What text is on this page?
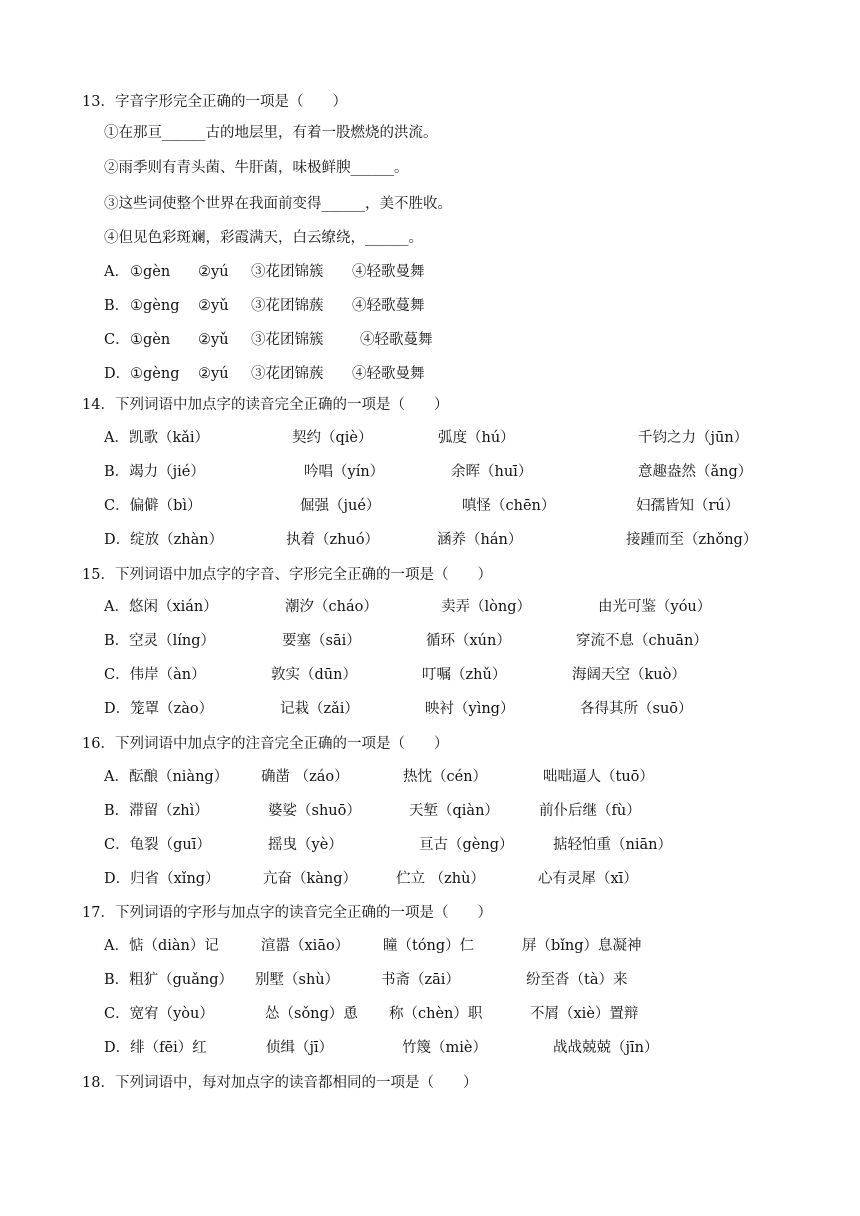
13．字音字形完全正确的一项是（　　）
①在那亘______古的地层里，有着一股燃烧的洪流。
②雨季则有青头菌、牛肝菌，味极鲜腴______。
③这些词使整个世界在我面前变得______，美不胜收。
④但见色彩斑斓，彩霞满天，白云缭绕，______。
A． ①gèn ②yú ③花团锦簇 ④轻歌曼舞
B． ①gèng ②yǔ ③花团锦蔟 ④轻歌蔓舞
C． ①gèn ②yǔ ③花团锦簇	④轻歌蔓舞
D． ①gèng ②yú ③花团锦蔟 ④轻歌曼舞
14．下列词语中加点字的读音完全正确的一项是（　　）
A．凯歌（kǎi）	契约（qiè）	弧度（hú）	千钧之力（jūn）
B．竭力（jié）	吟唱（yín）	余晖（huī）	意趣盎然（ǎng）
C．偏僻（bì）	倔强（jué）	嗔怪（chēn）	妇孺皆知（rú）
D．绽放（zhàn）	执着（zhuó）	涵养（hán）	接踵而至（zhǒng）
15．下列词语中加点字的字音、字形完全正确的一项是（　　）
A．悠闲（xián）	潮汐（cháo）	卖弄（lòng）	由光可鉴（yóu）
B．空灵（líng）	要塞（sāi）	循环（xún）	穿流不息（chuān）
C．伟岸（àn）	敦实（dūn）	叮嘱（zhǔ）	海阔天空（kuò）
D．笼罩（zào）	记栽（zǎi）	映衬（yìng）	各得其所（suō）
16．下列词语中加点字的注音完全正确的一项是（　　）
A．酝酿（niàng） 确凿 （záo）	热忱（cén）	咄咄逼人（tuō）
B．滞留（zhì）	婆娑（shuō）	天堑（qiàn）	前仆后继（fù）
C．龟裂（guī）	摇曳（yè）	亘古（gèng）	掂轻怕重（niān）
D．归省（xǐng）	亢奋（kàng）	伫立 （zhù）	心有灵犀（xī）
17．下列词语的字形与加点字的读音完全正确的一项是（　　）
A．惦（diàn）记	渲嚣（xiāo） 瞳（tóng）仁	屏（bǐng）息凝神
B．粗犷（guǎng） 别墅（shù）	书斋（zāi）	纷至沓（tà）来
C．宽宥（yòu）	怂（sǒng）恿 称（chèn）职	不屑（xiè）置辩
D．绯（fēi）红	侦缉（jī）	竹篾（miè）	战战兢兢（jīn）
18．下列词语中，每对加点字的读音都相同的一项是（　　）
